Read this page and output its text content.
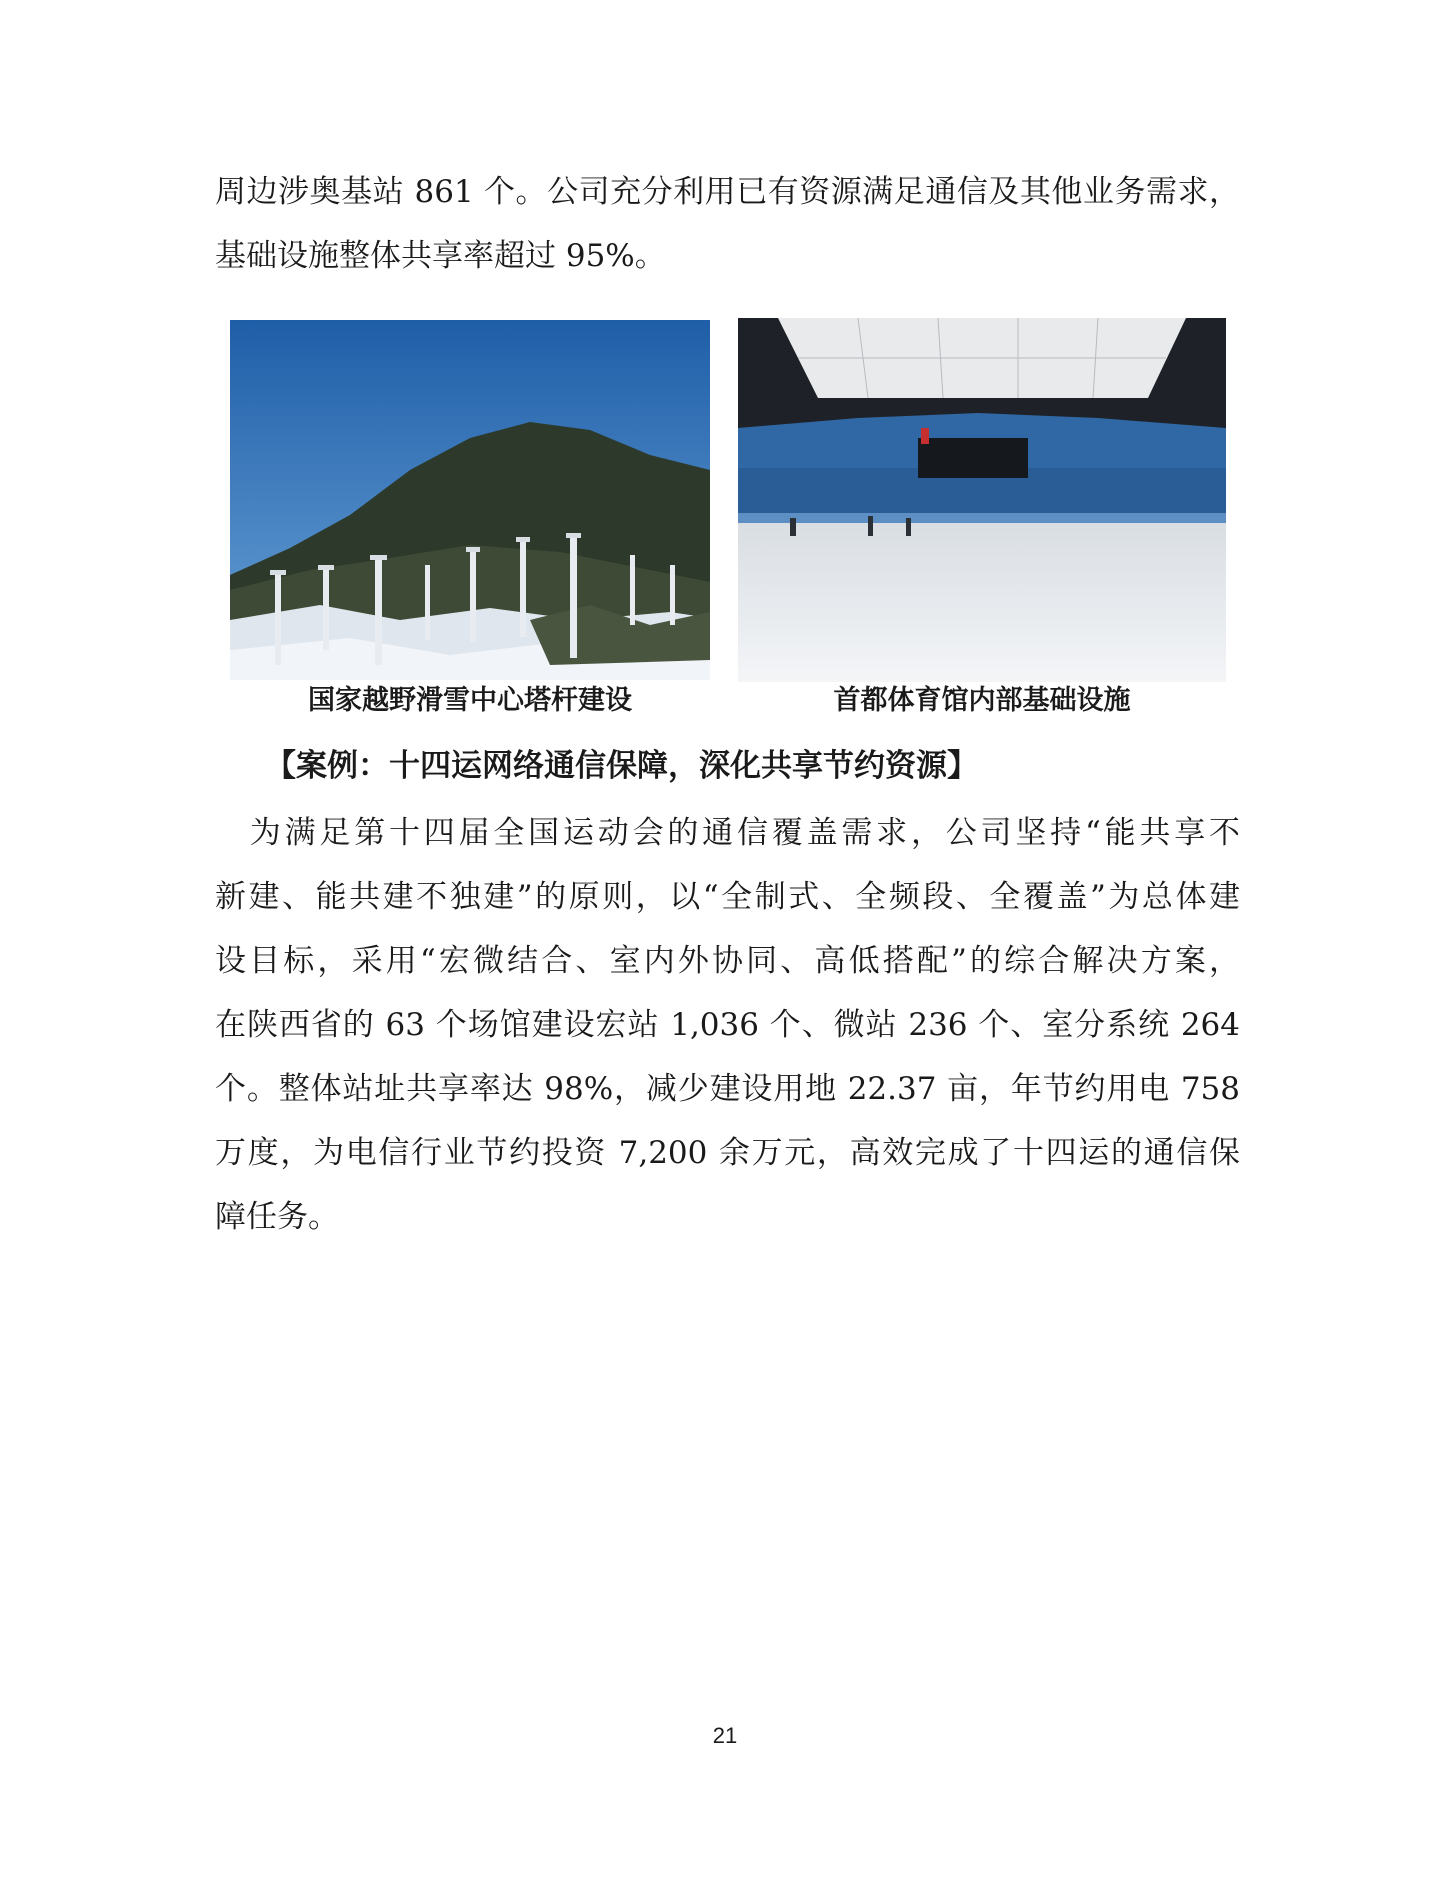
周边涉奥基站 861 个。公司充分利用已有资源满足通信及其他业务需求，
基础设施整体共享率超过 95%。
国家越野滑雪中心塔杆建设	首都体育馆内部基础设施
【案例：十四运网络通信保障，深化共享节约资源】
　为满足第十四届全国运动会的通信覆盖需求，公司坚持“能共享不
新建、能共建不独建”的原则，以“全制式、全频段、全覆盖”为总体建
设目标，采用“宏微结合、室内外协同、高低搭配”的综合解决方案，
在陕西省的 63 个场馆建设宏站 1,036 个、微站 236 个、室分系统 264
个。整体站址共享率达 98%，减少建设用地 22.37 亩，年节约用电 758
万度，为电信行业节约投资 7,200 余万元，高效完成了十四运的通信保
障任务。
21
